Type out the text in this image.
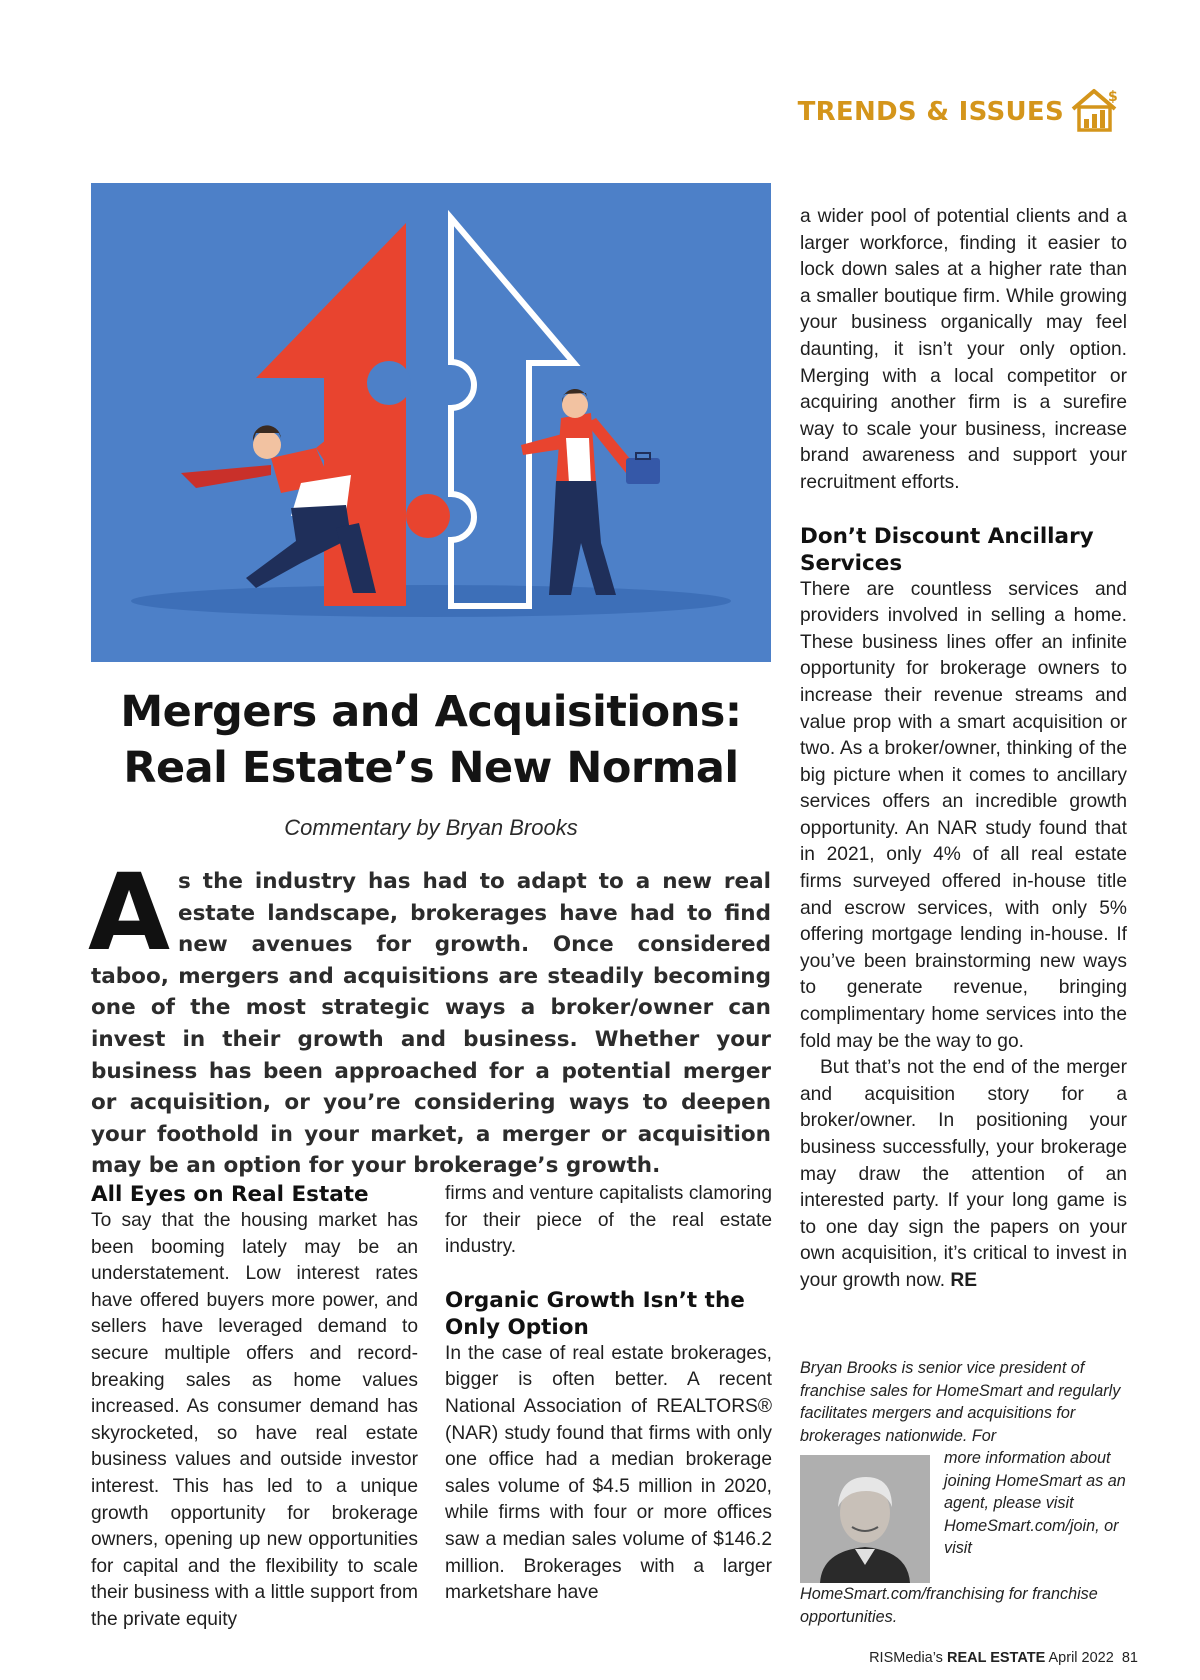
TRENDS & ISSUES
$
Mergers and Acquisitions:
Real Estate’s New Normal
Commentary by Bryan Brooks

As the industry has had to adapt to a new real estate landscape, brokerages have had to find new avenues for growth. Once considered taboo, mergers and acquisitions are steadily becoming one of the most strategic ways a broker/owner can invest in their growth and business. Whether your business has been approached for a potential merger or acquisition, or you’re considering ways to deepen your foothold in your market, a merger or acquisition may be an option for your brokerage’s growth.

All Eyes on Real Estate

To say that the housing market has been booming lately may be an understatement. Low interest rates have offered buyers more power, and sellers have leveraged demand to secure multiple offers and record-breaking sales as home values increased. As consumer demand has skyrocketed, so have real estate business values and outside investor interest. This has led to a unique growth opportunity for brokerage owners, opening up new opportunities for capital and the flexibility to scale their business with a little support from the private equity

firms and venture capitalists clamoring for their piece of the real estate industry.

Organic Growth Isn’t the Only Option

In the case of real estate brokerages, bigger is often better. A recent National Association of REALTORS® (NAR) study found that firms with only one office had a median brokerage sales volume of $4.5 million in 2020, while firms with four or more offices saw a median sales volume of $146.2 million. Brokerages with a larger marketshare have

a wider pool of potential clients and a larger workforce, finding it easier to lock down sales at a higher rate than a smaller boutique firm. While growing your business organically may feel daunting, it isn’t your only option. Merging with a local competitor or acquiring another firm is a surefire way to scale your business, increase brand awareness and support your recruitment efforts.

Don’t Discount Ancillary Services

There are countless services and providers involved in selling a home. These business lines offer an infinite opportunity for brokerage owners to increase their revenue streams and value prop with a smart acquisition or two. As a broker/owner, thinking of the big picture when it comes to ancillary services offers an incredible growth opportunity. An NAR study found that in 2021, only 4% of all real estate firms surveyed offered in-house title and escrow services, with only 5% offering mortgage lending in-house. If you’ve been brainstorming new ways to generate revenue, bringing complimentary home services into the fold may be the way to go.

But that’s not the end of the merger and acquisition story for a broker/owner. In positioning your business successfully, your brokerage may draw the attention of an interested party. If your long game is to one day sign the papers on your own acquisition, it’s critical to invest in your growth now. RE

Bryan Brooks is senior vice president of franchise sales for HomeSmart and regularly facilitates mergers and acquisitions for brokerages nationwide. For
more information about joining HomeSmart as an agent, please visit HomeSmart.com/join, or visit HomeSmart.com/franchising for franchise opportunities.
RISMedia’s REAL ESTATE April 2022 81
